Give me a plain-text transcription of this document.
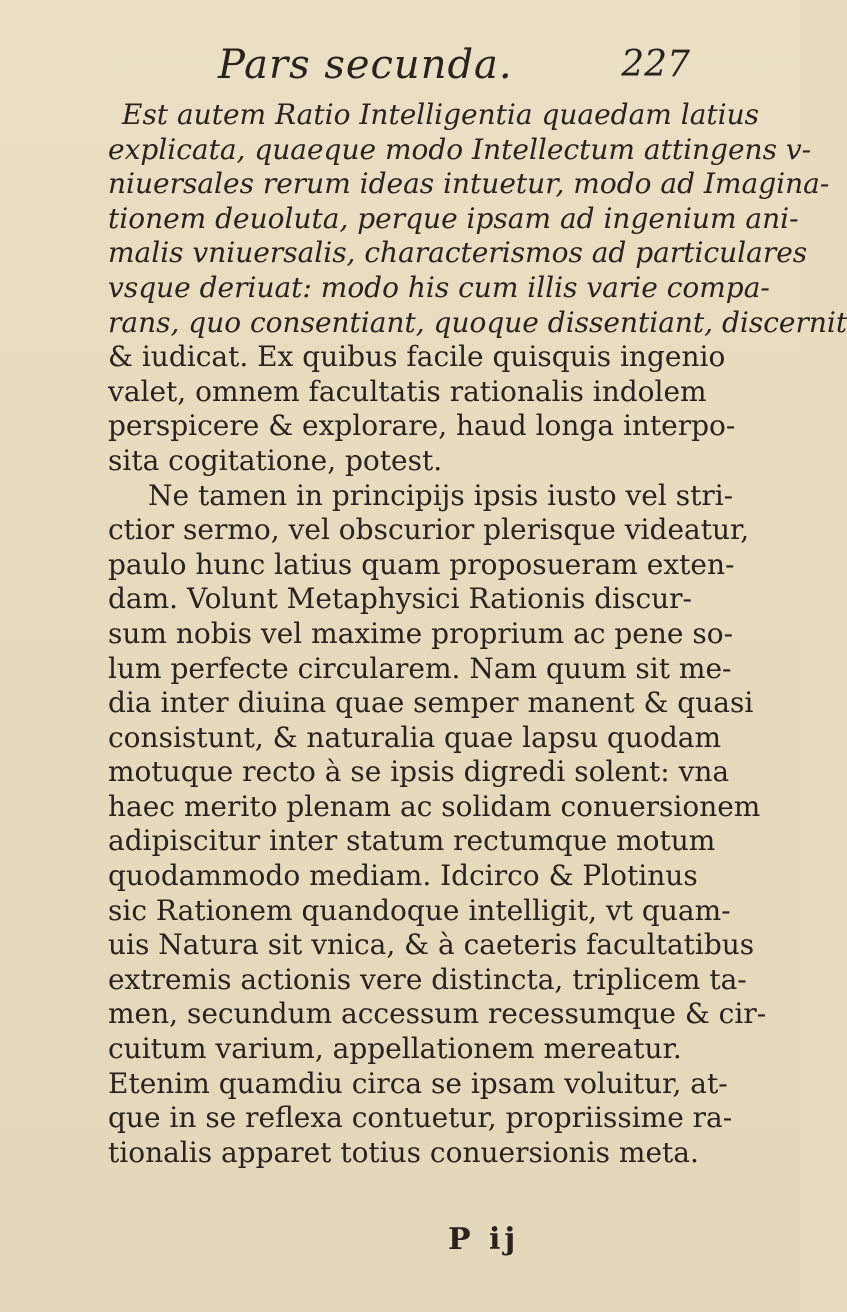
Pars secunda.	227
Est autem Ratio Intelligentia quaedam latius
explicata, quaeque modo Intellectum attingens v-
niuersales rerum ideas intuetur, modo ad Imagina-
tionem deuoluta, perque ipsam ad ingenium ani-
malis vniuersalis, characterismos ad particulares
vsque deriuat: modo his cum illis varie compa-
rans, quo consentiant, quoque dissentiant, discernit
& iudicat. Ex quibus facile quisquis ingenio
valet, omnem facultatis rationalis indolem
perspicere & explorare, haud longa interpo-
sita cogitatione, potest.
Ne tamen in principijs ipsis iusto vel stri-
ctior sermo, vel obscurior plerisque videatur,
paulo hunc latius quam proposueram exten-
dam. Volunt Metaphysici Rationis discur-
sum nobis vel maxime proprium ac pene so-
lum perfecte circularem. Nam quum sit me-
dia inter diuina quae semper manent & quasi
consistunt, & naturalia quae lapsu quodam
motuque recto à se ipsis digredi solent: vna
haec merito plenam ac solidam conuersionem
adipiscitur inter statum rectumque motum
quodammodo mediam. Idcirco & Plotinus
sic Rationem quandoque intelligit, vt quam-
uis Natura sit vnica, & à caeteris facultatibus
extremis actionis vere distincta, triplicem ta-
men, secundum accessum recessumque & cir-
cuitum varium, appellationem mereatur.
Etenim quamdiu circa se ipsam voluitur, at-
que in se reflexa contuetur, propriissime ra-
tionalis apparet totius conuersionis meta.
P ij
